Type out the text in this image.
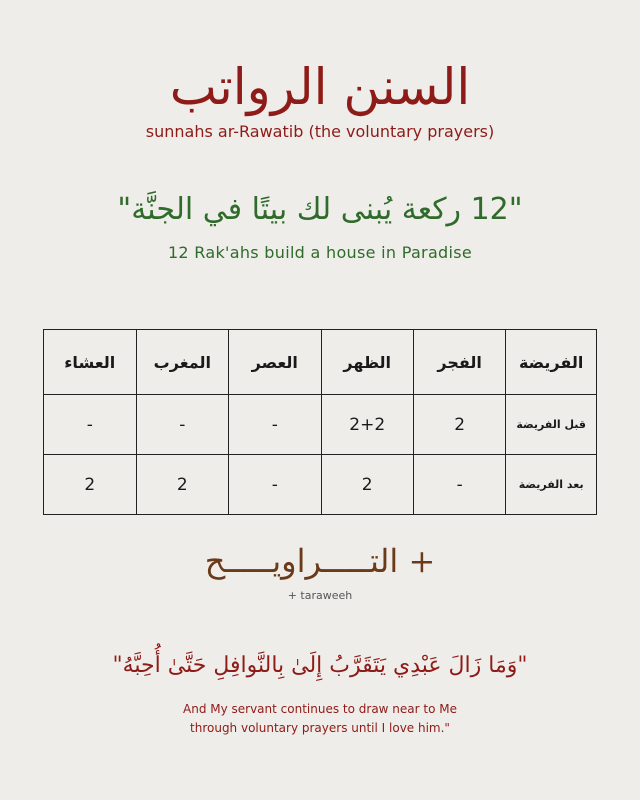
السنن الرواتب
sunnahs ar-Rawatib (the voluntary prayers)
"12 ركعة يُبنى لك بيتًا في الجنَّة"
12 Rak'ahs build a house in Paradise
الفريضة	الفجر	الظهر	العصر	المغرب	العشاء
قبل الفريضة	2	2+2	-	-	-
بعد الفريضة	-	2	-	2	2
+ التـــــراويـــــح
+ taraweeh
"وَمَا زَالَ عَبْدِي يَتَقَرَّبُ إِلَىٰ بِالنَّوافِلِ حَتَّىٰ أُحِبَّهُ"
And My servant continues to draw near to Me
through voluntary prayers until I love him."
